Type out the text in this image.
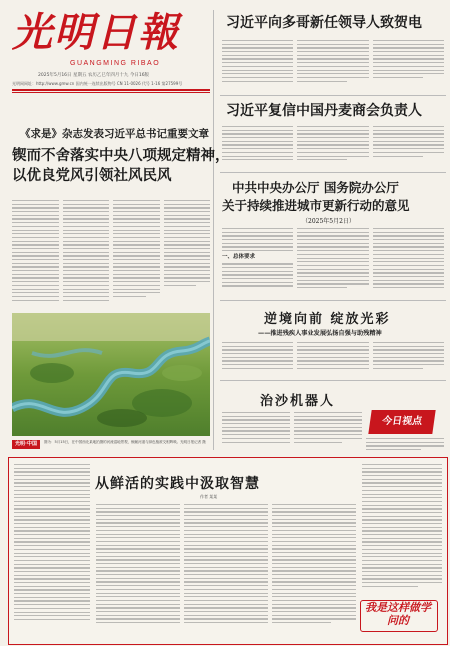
光明日報
GUANGMING RIBAO
2025年5月16日 星期五 农历乙巳年四月十九 今日16版
光明网网址：http://www.gmw.cn 国内统一连续出版物号 CN 11-0026 代号 1-16 第27599号
习近平向多哥新任领导人致贺电
习近平复信中国丹麦商会负责人
《求是》杂志发表习近平总书记重要文章
锲而不舍落实中央八项规定精神，
以优良党风引领社风民风
中共中央办公厅 国务院办公厅
关于持续推进城市更新行动的意见
（2025年5月2日）
一、总体要求
逆境向前 绽放光彩
——推进残疾人事业发展弘扬自强与助残精神
治沙机器人
今日视点
图为：5月15日，在中国西北某地拍摄的河流湿地景观，蜿蜒河道与绿色植被交相辉映。光明日报记者 摄
光明·中国
从鲜活的实践中汲取智慧
作者 某某
我是这样做学问的
